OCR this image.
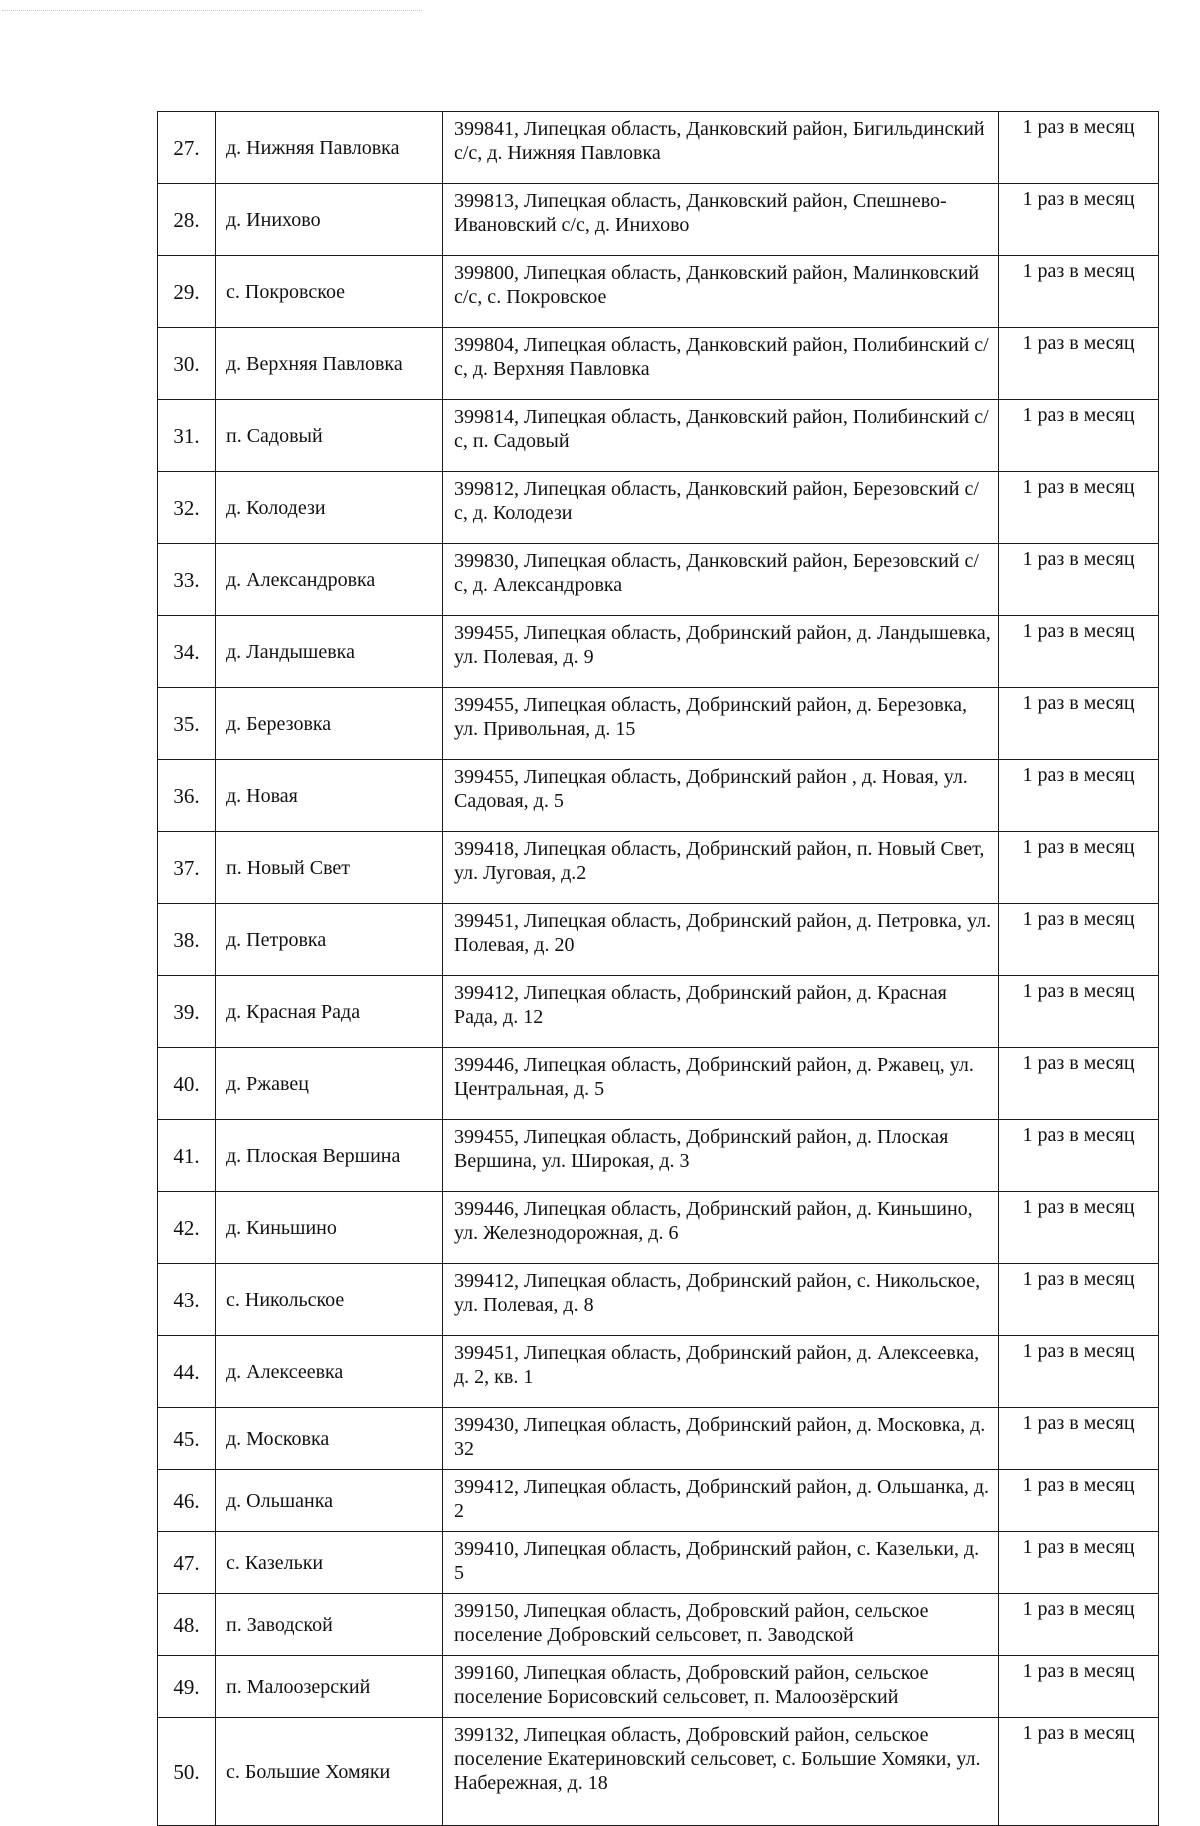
27.	д. Нижняя Павловка	399841, Липецкая область, Данковский район, Бигильдинский с/с, д. Нижняя Павловка	1 раз в месяц
28.	д. Инихово	399813, Липецкая область, Данковский район, Спешнево-Ивановский с/с, д. Инихово	1 раз в месяц
29.	с. Покровское	399800, Липецкая область, Данковский район, Малинковский с/с, с. Покровское	1 раз в месяц
30.	д. Верхняя Павловка	399804, Липецкая область, Данковский район, Полибинский с/с, д. Верхняя Павловка	1 раз в месяц
31.	п. Садовый	399814, Липецкая область, Данковский район, Полибинский с/с, п. Садовый	1 раз в месяц
32.	д. Колодези	399812, Липецкая область, Данковский район, Березовский с/с, д. Колодези	1 раз в месяц
33.	д. Александровка	399830, Липецкая область, Данковский район, Березовский с/с, д. Александровка	1 раз в месяц
34.	д. Ландышевка	399455, Липецкая область, Добринский район, д. Ландышевка, ул. Полевая, д. 9	1 раз в месяц
35.	д. Березовка	399455, Липецкая область, Добринский район, д. Березовка, ул. Привольная, д. 15	1 раз в месяц
36.	д. Новая	399455, Липецкая область, Добринский район , д. Новая, ул. Садовая, д. 5	1 раз в месяц
37.	п. Новый Свет	399418, Липецкая область, Добринский район, п. Новый Свет, ул. Луговая, д.2	1 раз в месяц
38.	д. Петровка	399451, Липецкая область, Добринский район, д. Петровка, ул. Полевая, д. 20	1 раз в месяц
39.	д. Красная Рада	399412, Липецкая область, Добринский район, д. Красная Рада, д. 12	1 раз в месяц
40.	д. Ржавец	399446, Липецкая область, Добринский район, д. Ржавец, ул. Центральная, д. 5	1 раз в месяц
41.	д. Плоская Вершина	399455, Липецкая область, Добринский район, д. Плоская Вершина, ул. Широкая, д. 3	1 раз в месяц
42.	д. Киньшино	399446, Липецкая область, Добринский район, д. Киньшино, ул. Железнодорожная, д. 6	1 раз в месяц
43.	с. Никольское	399412, Липецкая область, Добринский район, с. Никольское, ул. Полевая, д. 8	1 раз в месяц
44.	д. Алексеевка	399451, Липецкая область, Добринский район, д. Алексеевка, д. 2, кв. 1	1 раз в месяц
45.	д. Московка	399430, Липецкая область, Добринский район, д. Московка, д. 32	1 раз в месяц
46.	д. Ольшанка	399412, Липецкая область, Добринский район, д. Ольшанка, д. 2	1 раз в месяц
47.	с. Казельки	399410, Липецкая область, Добринский район, с. Казельки, д. 5	1 раз в месяц
48.	п. Заводской	399150, Липецкая область, Добровский район, сельское поселение Добровский сельсовет, п. Заводской	1 раз в месяц
49.	п. Малоозерский	399160, Липецкая область, Добровский район, сельское поселение Борисовский сельсовет, п. Малоозёрский	1 раз в месяц
50.	с. Большие Хомяки	399132, Липецкая область, Добровский район, сельское поселение Екатериновский сельсовет, с. Большие Хомяки, ул. Набережная, д. 18	1 раз в месяц
